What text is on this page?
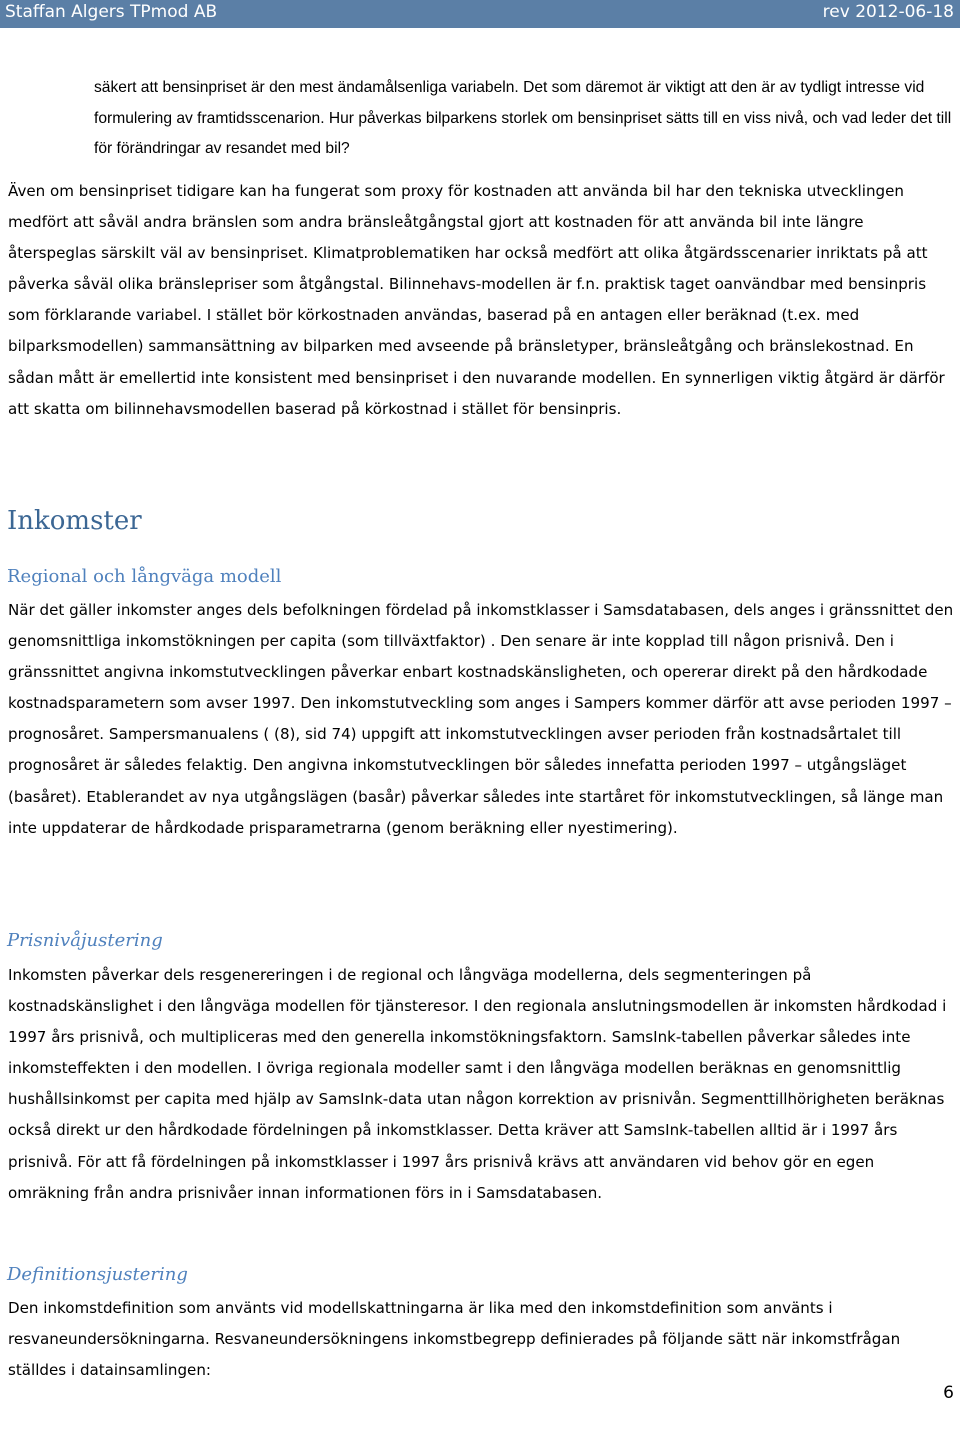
Staffan Algers TPmod AB	rev 2012-06-18
säkert att bensinpriset är den mest ändamålsenliga variabeln. Det som däremot är viktigt att den är av tydligt intresse vid formulering av framtidsscenarion. Hur påverkas bilparkens storlek om bensinpriset sätts till en viss nivå, och vad leder det till för förändringar av resandet med bil?
Även om bensinpriset tidigare kan ha fungerat som proxy för kostnaden att använda bil har den tekniska utvecklingen medfört att såväl andra bränslen som andra bränsleåtgångstal gjort att kostnaden för att använda bil inte längre återspeglas särskilt väl av bensinpriset. Klimatproblematiken har också medfört att olika åtgärdsscenarier inriktats på att påverka såväl olika bränslepriser som åtgångstal. Bilinnehavs-modellen är f.n. praktisk taget oanvändbar med bensinpris som förklarande variabel. I stället bör körkostnaden användas, baserad på en antagen eller beräknad (t.ex. med bilparksmodellen) sammansättning av bilparken med avseende på bränsletyper, bränsleåtgång och bränslekostnad. En sådan mått är emellertid inte konsistent med bensinpriset i den nuvarande modellen. En synnerligen viktig åtgärd är därför att skatta om bilinnehavsmodellen baserad på körkostnad i stället för bensinpris.
Inkomster
Regional och långväga modell
När det gäller inkomster anges dels befolkningen fördelad på inkomstklasser i Samsdatabasen, dels anges i gränssnittet den genomsnittliga inkomstökningen per capita (som tillväxtfaktor) . Den senare är inte kopplad till någon prisnivå. Den i gränssnittet angivna inkomstutvecklingen påverkar enbart kostnadskänsligheten, och opererar direkt på den hårdkodade kostnadsparametern som avser 1997. Den inkomstutveckling som anges i Sampers kommer därför att avse perioden 1997 – prognosåret. Sampersmanualens ( (8), sid 74) uppgift att inkomstutvecklingen avser perioden från kostnadsårtalet till prognosåret är således felaktig. Den angivna inkomstutvecklingen bör således innefatta perioden 1997 – utgångsläget (basåret). Etablerandet av nya utgångslägen (basår) påverkar således inte startåret för inkomstutvecklingen, så länge man inte uppdaterar de hårdkodade prisparametrarna (genom beräkning eller nyestimering).
Prisnivåjustering
Inkomsten påverkar dels resgenereringen i de regional och långväga modellerna, dels segmenteringen på kostnadskänslighet i den långväga modellen för tjänsteresor. I den regionala anslutningsmodellen är inkomsten hårdkodad i 1997 års prisnivå, och multipliceras med den generella inkomstökningsfaktorn. SamsInk-tabellen påverkar således inte inkomsteffekten i den modellen. I övriga regionala modeller samt i den långväga modellen beräknas en genomsnittlig hushållsinkomst per capita med hjälp av SamsInk-data utan någon korrektion av prisnivån. Segmenttillhörigheten beräknas också direkt ur den hårdkodade fördelningen på inkomstklasser. Detta kräver att SamsInk-tabellen alltid är i 1997 års prisnivå. För att få fördelningen på inkomstklasser i 1997 års prisnivå krävs att användaren vid behov gör en egen omräkning från andra prisnivåer innan informationen förs in i Samsdatabasen.
Definitionsjustering
Den inkomstdefinition som använts vid modellskattningarna är lika med den inkomstdefinition som använts i resvaneundersökningarna. Resvaneundersökningens inkomstbegrepp definierades på följande sätt när inkomstfrågan ställdes i datainsamlingen:
6
